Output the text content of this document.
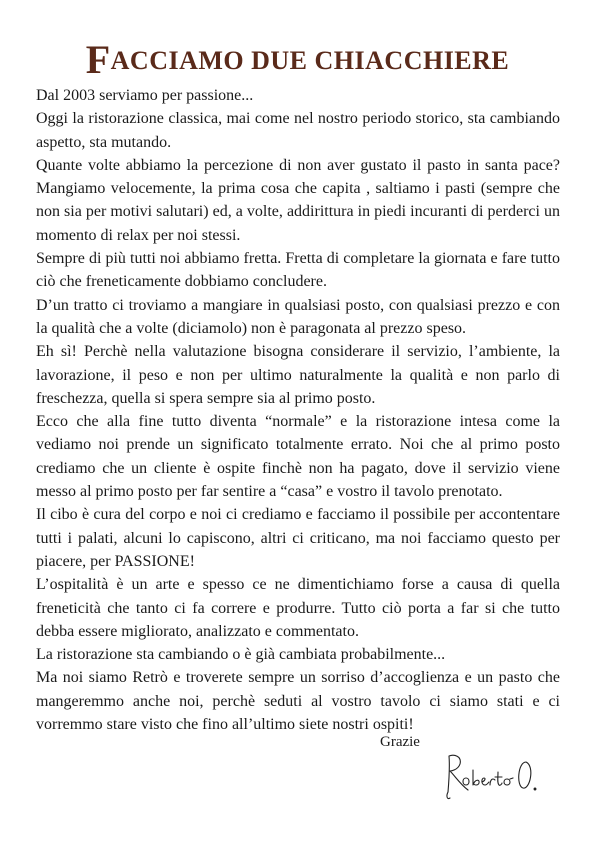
FACCIAMO DUE CHIACCHIERE

Dal 2003 serviamo per passione...

Oggi la ristorazione classica, mai come nel nostro periodo storico, sta cambiando aspetto, sta mutando.

Quante volte abbiamo la percezione di non aver gustato il pasto in santa pace? Mangiamo velocemente, la prima cosa che capita , saltiamo i pasti (sempre che non sia per motivi salutari) ed, a volte, addirittura in piedi incuranti di perderci un momento di relax per noi stessi.

Sempre di più tutti noi abbiamo fretta. Fretta di completare la giornata e fare tutto ciò che freneticamente dobbiamo concludere.

D’un tratto ci troviamo a mangiare in qualsiasi posto, con qualsiasi prezzo e con la qualità che a volte (diciamolo) non è paragonata al prezzo speso.

Eh sì! Perchè nella valutazione bisogna considerare il servizio, l’ambiente, la lavorazione, il peso e non per ultimo naturalmente la qualità e non parlo di freschezza, quella si spera sempre sia al primo posto.

Ecco che alla fine tutto diventa “normale” e la ristorazione intesa come la vediamo noi prende un significato totalmente errato. Noi che al primo posto crediamo che un cliente è ospite finchè non ha pagato, dove il servizio viene messo al primo posto per far sentire a “casa” e vostro il tavolo prenotato.

Il cibo è cura del corpo e noi ci crediamo e facciamo il possibile per accontentare tutti i palati, alcuni lo capiscono, altri ci criticano, ma noi facciamo questo per piacere, per PASSIONE!

L’ospitalità è un arte e spesso ce ne dimentichiamo forse a causa di quella freneticità che tanto ci fa correre e produrre. Tutto ciò porta a far si che tutto debba essere migliorato, analizzato e commentato.

La ristorazione sta cambiando o è già cambiata probabilmente...

Ma noi siamo Retrò e troverete sempre un sorriso d’accoglienza e un pasto che mangeremmo anche noi, perchè seduti al vostro tavolo ci siamo stati e ci vorremmo stare visto che fino all’ultimo siete nostri ospiti!

Grazie
